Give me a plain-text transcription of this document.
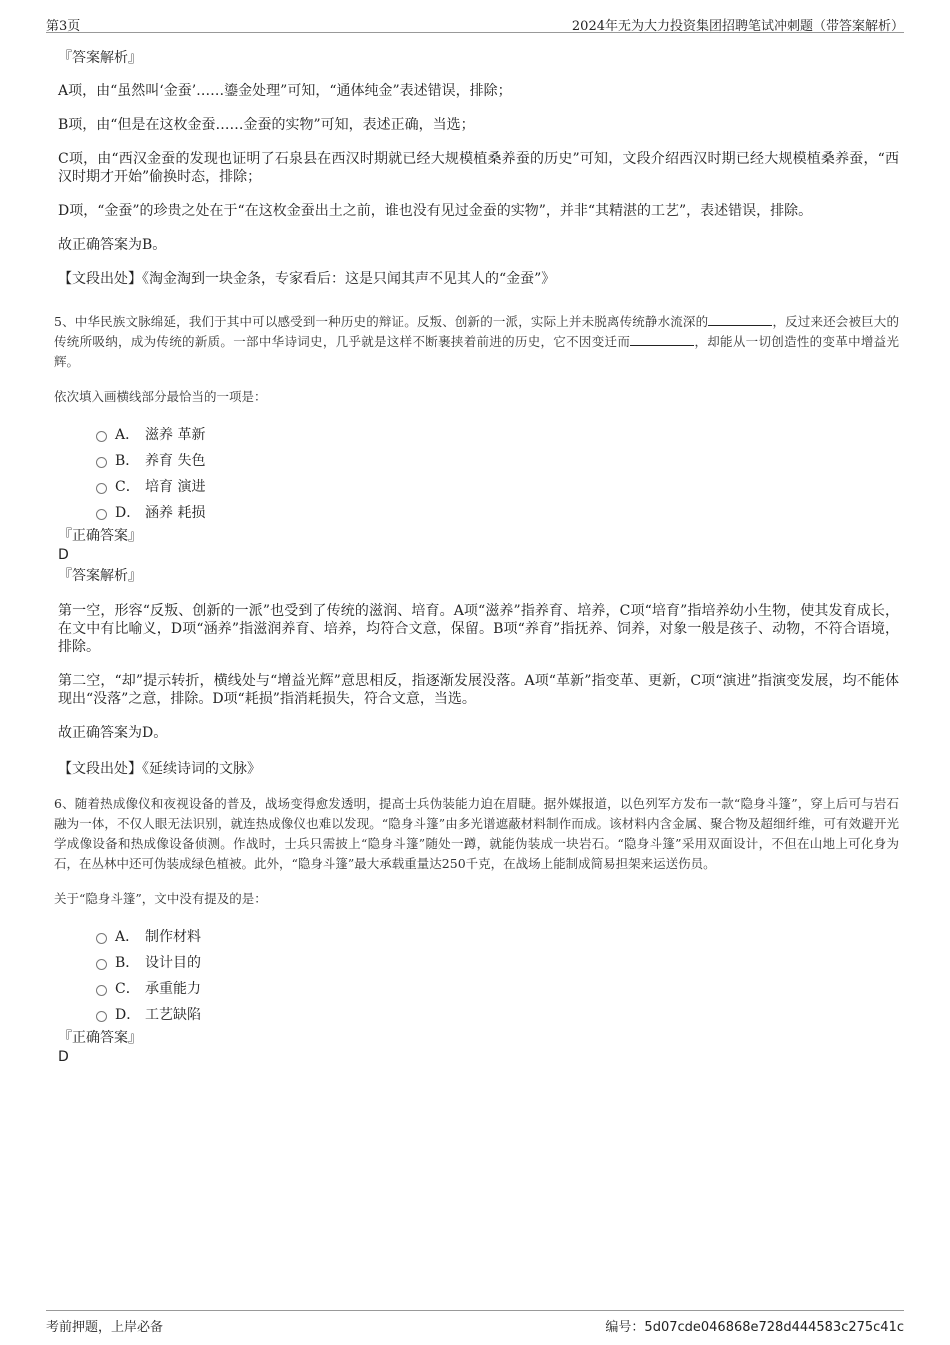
第3页	2024年无为大力投资集团招聘笔试冲刺题（带答案解析）
『答案解析』

A项，由“虽然叫‘金蚕’……鎏金处理”可知，“通体纯金”表述错误，排除；

B项，由“但是在这枚金蚕……金蚕的实物”可知，表述正确，当选；

C项，由“西汉金蚕的发现也证明了石泉县在西汉时期就已经大规模植桑养蚕的历史”可知，文段介绍西汉时期已经大规模植桑养蚕，“西汉时期才开始”偷换时态，排除；

D项，“金蚕”的珍贵之处在于“在这枚金蚕出土之前，谁也没有见过金蚕的实物”，并非“其精湛的工艺”，表述错误，排除。

故正确答案为B。

【文段出处】《淘金淘到一块金条，专家看后：这是只闻其声不见其人的“金蚕”》

5、中华民族文脉绵延，我们于其中可以感受到一种历史的辩证。反叛、创新的一派，实际上并未脱离传统静水流深的	，反过来还会被巨大的传统所吸纳，成为传统的新质。一部中华诗词史，几乎就是这样不断裹挟着前进的历史，它不因变迁而	，却能从一切创造性的变革中增益光辉。

依次填入画横线部分最恰当的一项是：

A． 滋养 革新
B． 养育 失色
C． 培育 演进
D． 涵养 耗损
『正确答案』
D
『答案解析』

第一空，形容“反叛、创新的一派”也受到了传统的滋润、培育。A项“滋养”指养育、培养，C项“培育”指培养幼小生物，使其发育成长，在文中有比喻义，D项“涵养”指滋润养育、培养，均符合文意，保留。B项“养育”指抚养、饲养，对象一般是孩子、动物，不符合语境，排除。

第二空，“却”提示转折，横线处与“增益光辉”意思相反，指逐渐发展没落。A项“革新”指变革、更新，C项“演进”指演变发展，均不能体现出“没落”之意，排除。D项“耗损”指消耗损失，符合文意，当选。

故正确答案为D。

【文段出处】《延续诗词的文脉》

6、随着热成像仪和夜视设备的普及，战场变得愈发透明，提高士兵伪装能力迫在眉睫。据外媒报道，以色列军方发布一款“隐身斗篷”，穿上后可与岩石融为一体，不仅人眼无法识别，就连热成像仪也难以发现。“隐身斗篷”由多光谱遮蔽材料制作而成。该材料内含金属、聚合物及超细纤维，可有效避开光学成像设备和热成像设备侦测。作战时，士兵只需披上“隐身斗篷”随处一蹲，就能伪装成一块岩石。“隐身斗篷”采用双面设计，不但在山地上可化身为石，在丛林中还可伪装成绿色植被。此外，“隐身斗篷”最大承载重量达250千克，在战场上能制成简易担架来运送伤员。

关于“隐身斗篷”，文中没有提及的是：

A． 制作材料
B． 设计目的
C． 承重能力
D． 工艺缺陷
『正确答案』
D
考前押题，上岸必备	编号：5d07cde046868e728d444583c275c41c
